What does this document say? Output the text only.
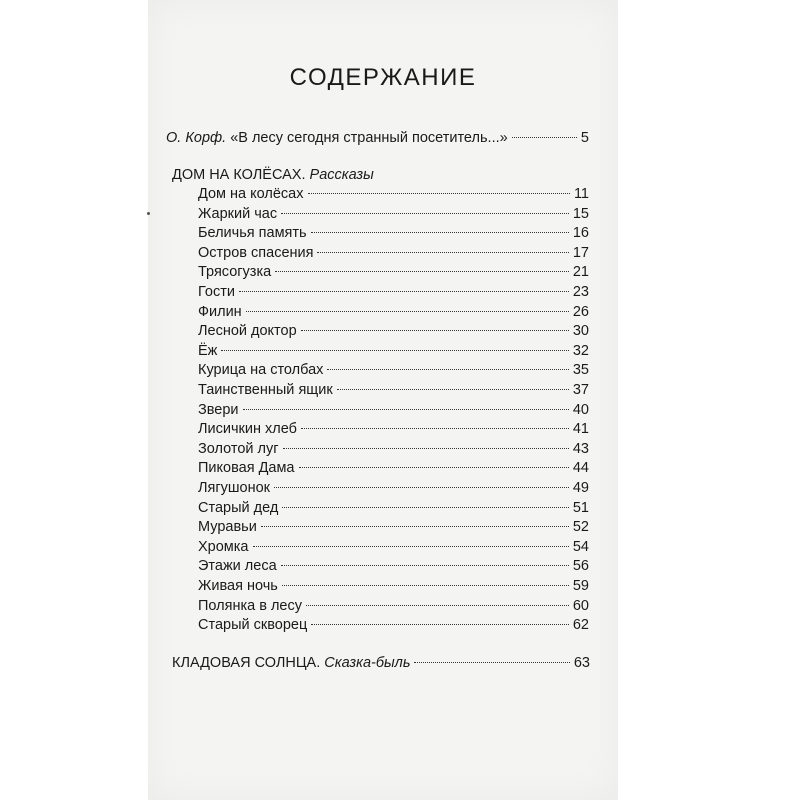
СОДЕРЖАНИЕ
О. Корф. «В лесу сегодня странный посетитель...»	5
ДОМ НА КОЛЁСАХ. Рассказы
Дом на колёсах	11
Жаркий час	15
Беличья память	16
Остров спасения	17
Трясогузка	21
Гости	23
Филин	26
Лесной доктор	30
Ёж	32
Курица на столбах	35
Таинственный ящик	37
Звери	40
Лисичкин хлеб	41
Золотой луг	43
Пиковая Дама	44
Лягушонок	49
Старый дед	51
Муравьи	52
Хромка	54
Этажи леса	56
Живая ночь	59
Полянка в лесу	60
Старый скворец	62
КЛАДОВАЯ СОЛНЦА. Сказка-быль	63
